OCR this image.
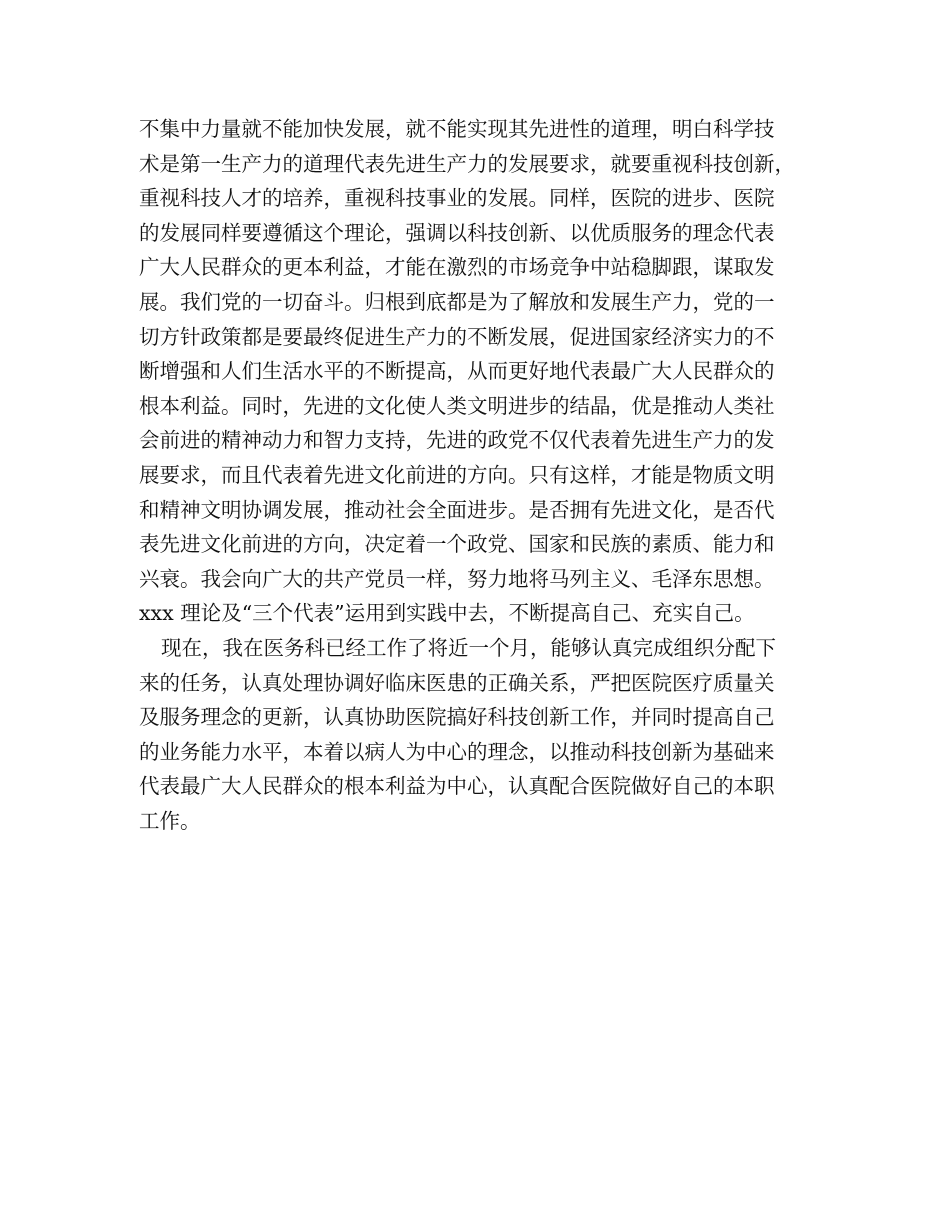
不集中力量就不能加快发展，就不能实现其先进性的道理，明白科学技
术是第一生产力的道理代表先进生产力的发展要求，就要重视科技创新，
重视科技人才的培养，重视科技事业的发展。同样，医院的进步、医院
的发展同样要遵循这个理论，强调以科技创新、以优质服务的理念代表
广大人民群众的更本利益，才能在激烈的市场竞争中站稳脚跟，谋取发
展。我们党的一切奋斗。归根到底都是为了解放和发展生产力，党的一
切方针政策都是要最终促进生产力的不断发展，促进国家经济实力的不
断增强和人们生活水平的不断提高，从而更好地代表最广大人民群众的
根本利益。同时，先进的文化使人类文明进步的结晶，优是推动人类社
会前进的精神动力和智力支持，先进的政党不仅代表着先进生产力的发
展要求，而且代表着先进文化前进的方向。只有这样，才能是物质文明
和精神文明协调发展，推动社会全面进步。是否拥有先进文化，是否代
表先进文化前进的方向，决定着一个政党、国家和民族的素质、能力和
兴衰。我会向广大的共产党员一样，努力地将马列主义、毛泽东思想。
xxx 理论及“三个代表”运用到实践中去，不断提高自己、充实自己。
现在，我在医务科已经工作了将近一个月，能够认真完成组织分配下
来的任务，认真处理协调好临床医患的正确关系，严把医院医疗质量关
及服务理念的更新，认真协助医院搞好科技创新工作，并同时提高自己
的业务能力水平，本着以病人为中心的理念，以推动科技创新为基础来
代表最广大人民群众的根本利益为中心，认真配合医院做好自己的本职
工作。
